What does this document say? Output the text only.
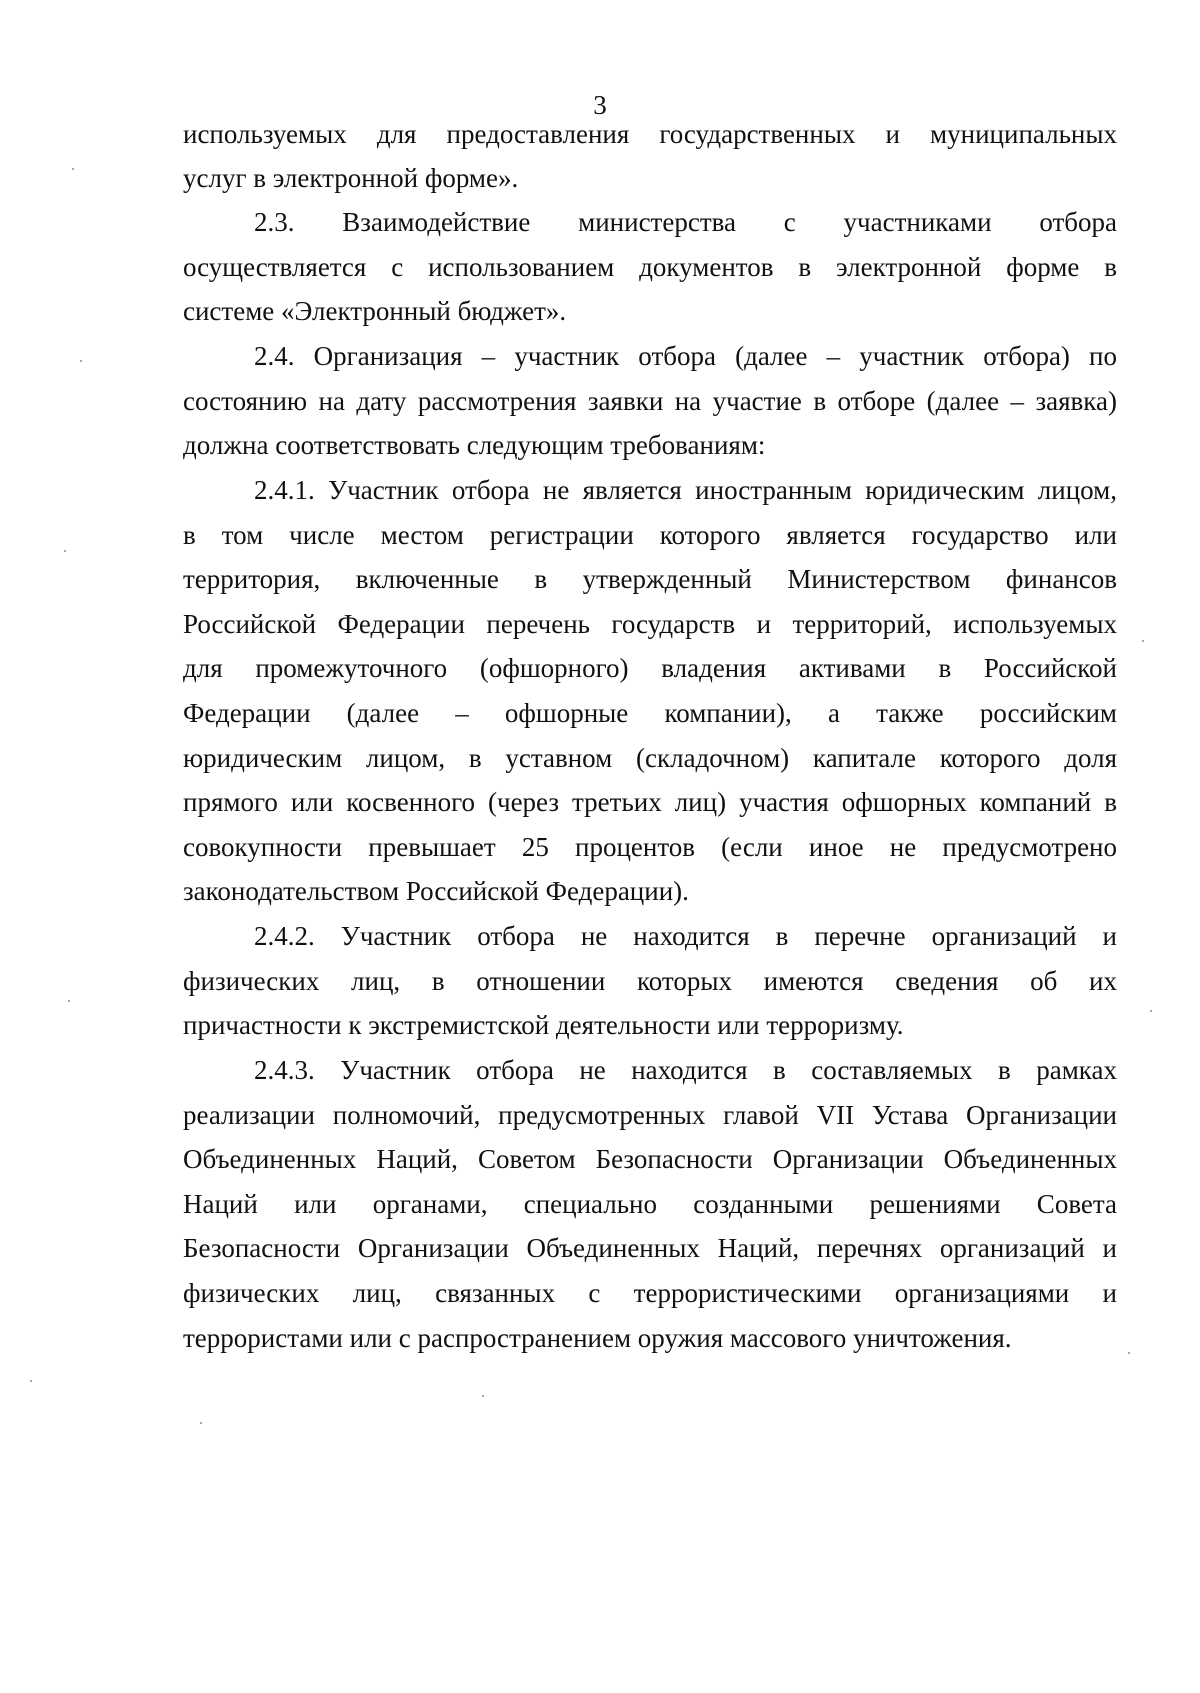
3
используемых для предоставления государственных и муниципальных
услуг в электронной форме».
2.3. Взаимодействие министерства с участниками отбора
осуществляется с использованием документов в электронной форме в
системе «Электронный бюджет».
2.4. Организация – участник отбора (далее – участник отбора) по
состоянию на дату рассмотрения заявки на участие в отборе (далее – заявка)
должна соответствовать следующим требованиям:
2.4.1. Участник отбора не является иностранным юридическим лицом,
в том числе местом регистрации которого является государство или
территория, включенные в утвержденный Министерством финансов
Российской Федерации перечень государств и территорий, используемых
для промежуточного (офшорного) владения активами в Российской
Федерации (далее – офшорные компании), а также российским
юридическим лицом, в уставном (складочном) капитале которого доля
прямого или косвенного (через третьих лиц) участия офшорных компаний в
совокупности превышает 25 процентов (если иное не предусмотрено
законодательством Российской Федерации).
2.4.2. Участник отбора не находится в перечне организаций и
физических лиц, в отношении которых имеются сведения об их
причастности к экстремистской деятельности или терроризму.
2.4.3. Участник отбора не находится в составляемых в рамках
реализации полномочий, предусмотренных главой VII Устава Организации
Объединенных Наций, Советом Безопасности Организации Объединенных
Наций или органами, специально созданными решениями Совета
Безопасности Организации Объединенных Наций, перечнях организаций и
физических лиц, связанных с террористическими организациями и
террористами или с распространением оружия массового уничтожения.
